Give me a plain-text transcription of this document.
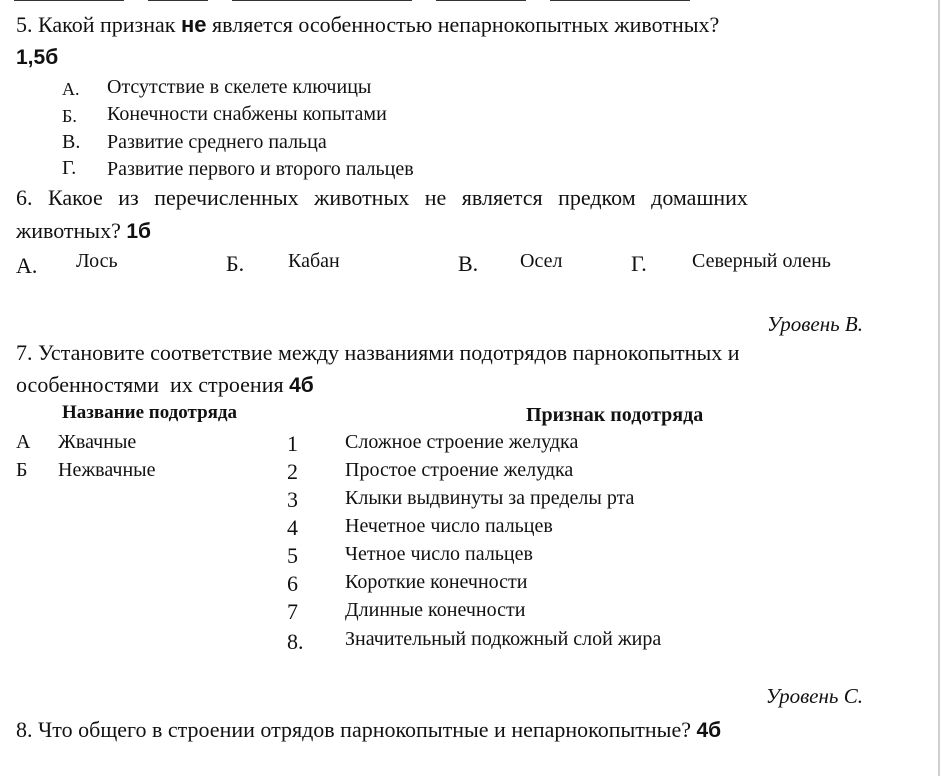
5. Какой признак не является особенностью непарнокопытных животных?
1,5б
А. Отсутствие в скелете ключицы
Б. Конечности снабжены копытами
В. Развитие среднего пальца
Г. Развитие первого и второго пальцев
6. Какое из перечисленных животных не является предком домашних
животных? 1б
А. Лось	Б. Кабан	В. Осел	Г. Северный олень
Уровень В.
7. Установите соответствие между названиями подотрядов парнокопытных и
особенностями  их строения 4б
Название подотряда	Признак подотряда
А Жвачные
Б Нежвачные
1 Сложное строение желудка
2 Простое строение желудка
3 Клыки выдвинуты за пределы рта
4 Нечетное число пальцев
5 Четное число пальцев
6 Короткие конечности
7 Длинные конечности
8. Значительный подкожный слой жира
Уровень С.
8. Что общего в строении отрядов парнокопытные и непарнокопытные? 4б
